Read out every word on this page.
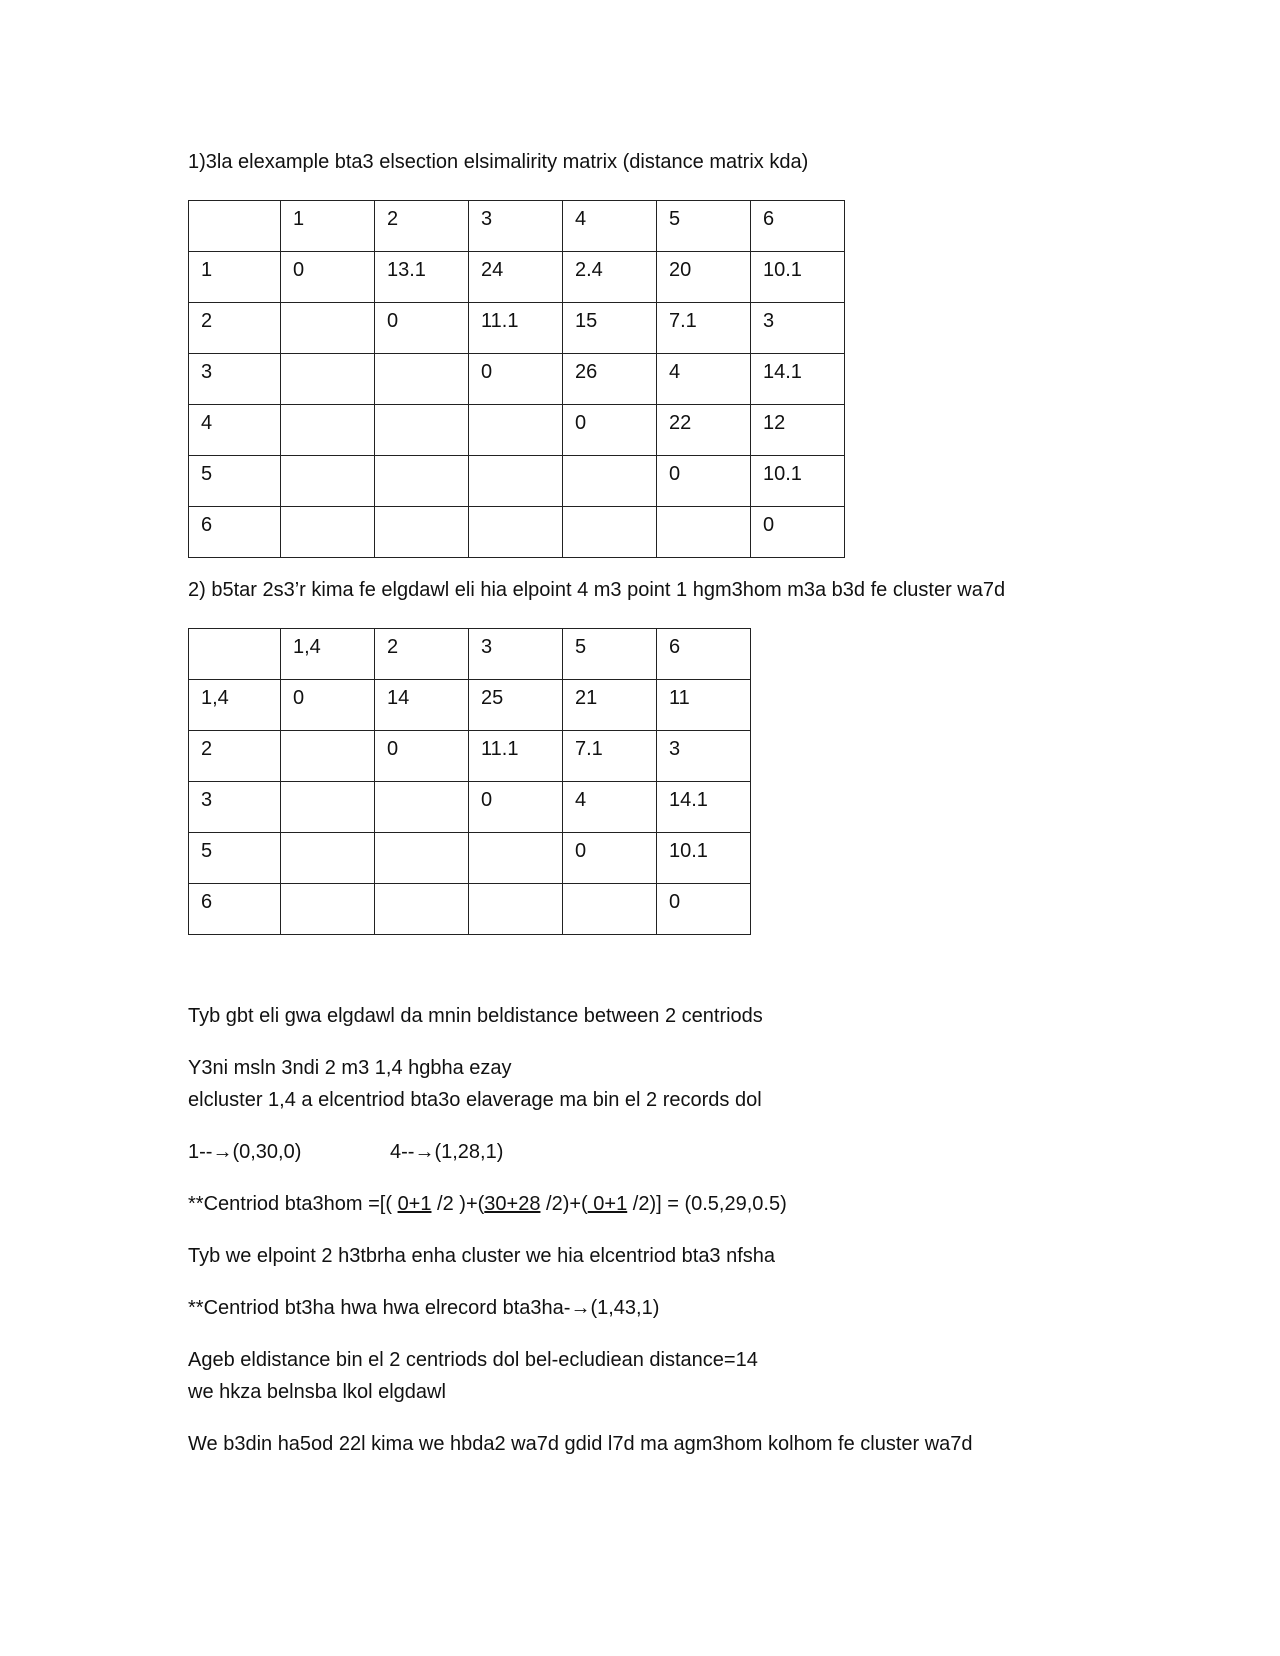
1)3la elexample bta3 elsection elsimalirity matrix (distance matrix kda)
	1	2	3	4	5	6
1	0	13.1	24	2.4	20	10.1
2		0	11.1	15	7.1	3
3			0	26	4	14.1
4				0	22	12
5					0	10.1
6						0
2) b5tar 2s3’r kima fe elgdawl eli hia elpoint 4 m3 point 1 hgm3hom m3a b3d fe cluster wa7d
	1,4	2	3	5	6
1,4	0	14	25	21	11
2		0	11.1	7.1	3
3			0	4	14.1
5				0	10.1
6					0
Tyb gbt eli gwa elgdawl da mnin beldistance between 2 centriods
Y3ni msln 3ndi 2 m3 1,4 hgbha ezay
elcluster 1,4 a elcentriod bta3o elaverage ma bin el 2 records dol
1--→(0,30,0)	4--→(1,28,1)
**Centriod bta3hom =[( 0+1 /2 )+(30+28 /2)+( 0+1 /2)] = (0.5,29,0.5)
Tyb we elpoint 2 h3tbrha enha cluster we hia elcentriod bta3 nfsha
**Centriod bt3ha hwa hwa elrecord bta3ha-→(1,43,1)
Ageb eldistance bin el 2 centriods dol bel-ecludiean distance=14
we hkza belnsba lkol elgdawl
We b3din ha5od 22l kima we hbda2 wa7d gdid l7d ma agm3hom kolhom fe cluster wa7d
